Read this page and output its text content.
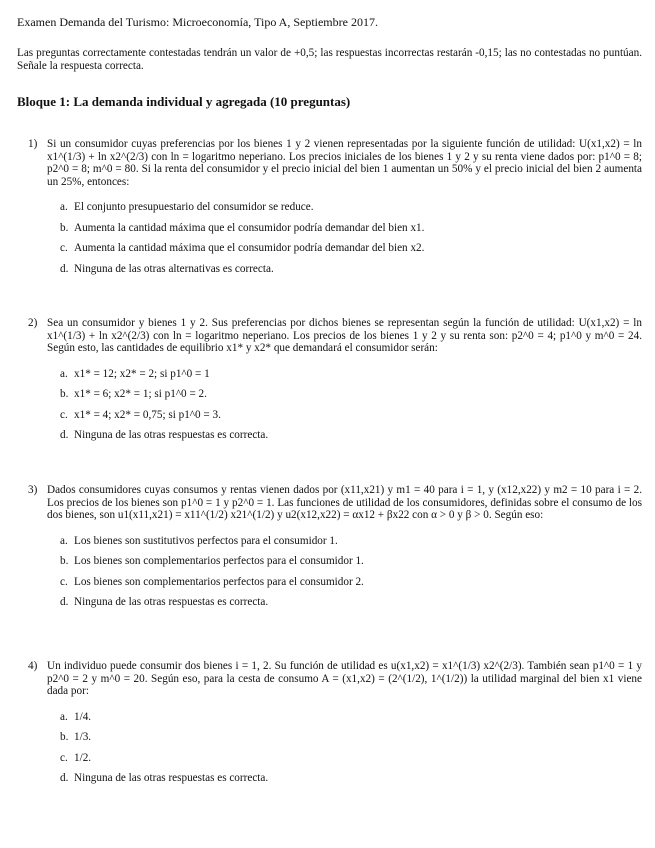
Examen Demanda del Turismo: Microeconomía, Tipo A, Septiembre 2017.
Las preguntas correctamente contestadas tendrán un valor de +0,5; las respuestas incorrectas restarán -0,15; las no contestadas no puntúan. Señale la respuesta correcta.
Bloque 1: La demanda individual y agregada (10 preguntas)
1) Si un consumidor cuyas preferencias por los bienes 1 y 2 vienen representadas por la siguiente función de utilidad: U(x1,x2) = ln x1^(1/3) + ln x2^(2/3) con ln = logaritmo neperiano. Los precios iniciales de los bienes 1 y 2 y su renta viene dados por: p1^0 = 8; p2^0 = 8; m^0 = 80. Si la renta del consumidor y el precio inicial del bien 1 aumentan un 50% y el precio inicial del bien 2 aumenta un 25%, entonces:
a. El conjunto presupuestario del consumidor se reduce.
b. Aumenta la cantidad máxima que el consumidor podría demandar del bien x1.
c. Aumenta la cantidad máxima que el consumidor podría demandar del bien x2.
d. Ninguna de las otras alternativas es correcta.
2) Sea un consumidor y bienes 1 y 2. Sus preferencias por dichos bienes se representan según la función de utilidad: U(x1,x2) = ln x1^(1/3) + ln x2^(2/3) con ln = logaritmo neperiano. Los precios de los bienes 1 y 2 y su renta son: p2^0 = 4; p1^0 y m^0 = 24. Según esto, las cantidades de equilibrio x1* y x2* que demandará el consumidor serán:
a. x1* = 12; x2* = 2; si p1^0 = 1
b. x1* = 6; x2* = 1; si p1^0 = 2.
c. x1* = 4; x2* = 0,75; si p1^0 = 3.
d. Ninguna de las otras respuestas es correcta.
3) Dados consumidores cuyas consumos y rentas vienen dados por (x11,x21) y m1 = 40 para i = 1, y (x12,x22) y m2 = 10 para i = 2. Los precios de los bienes son p1^0 = 1 y p2^0 = 1. Las funciones de utilidad de los consumidores, definidas sobre el consumo de los dos bienes, son u1(x11,x21) = x11^(1/2) x21^(1/2) y u2(x12,x22) = αx12 + βx22 con α > 0 y β > 0. Según eso:
a. Los bienes son sustitutivos perfectos para el consumidor 1.
b. Los bienes son complementarios perfectos para el consumidor 1.
c. Los bienes son complementarios perfectos para el consumidor 2.
d. Ninguna de las otras respuestas es correcta.
4) Un individuo puede consumir dos bienes i = 1, 2. Su función de utilidad es u(x1,x2) = x1^(1/3) x2^(2/3). También sean p1^0 = 1 y p2^0 = 2 y m^0 = 20. Según eso, para la cesta de consumo A = (x1,x2) = (2^(1/2), 1^(1/2)) la utilidad marginal del bien x1 viene dada por:
a. 1/4.
b. 1/3.
c. 1/2.
d. Ninguna de las otras respuestas es correcta.
